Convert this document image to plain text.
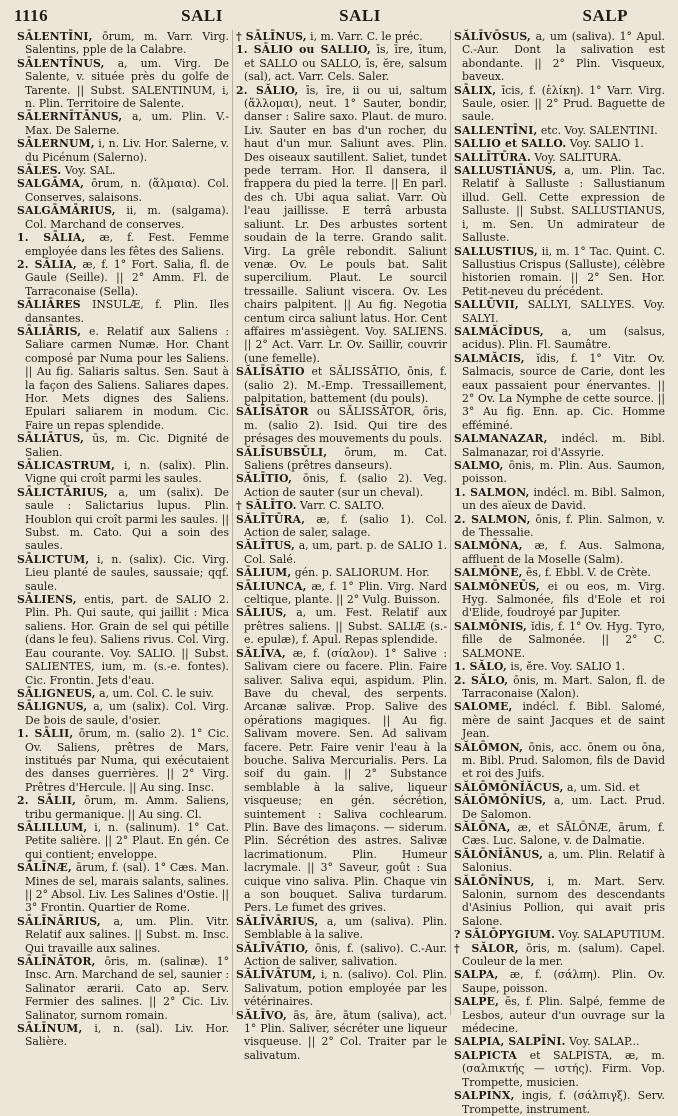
1116	SALI	SALI	SALP

SĀLENTĪNI, ōrum, m. Varr. Virg. Salentins, pple de la Calabre.

SĀLENTĪNUS, a, um. Virg. De Salente, v. située près du golfe de Tarente. || Subst. SALENTINUM, i, n. Plin. Territoire de Salente.

SĀLERNĪTĀNUS, a, um. Plin. V.-Max. De Salerne.

SĀLERNUM, i, n. Liv. Hor. Salerne, v. du Picénum (Salerno).

SĀLES. Voy. SAL.

SALGĀMA, ōrum, n. (ἅλμαια). Col. Conserves, salaisons.

SALGĀMĀRIUS, ii, m. (salgama). Col. Marchand de conserves.

1. SĀLIA, æ, f. Fest. Femme employée dans les fêtes des Saliens.

2. SĀLIA, æ, f. 1° Fort. Salia, fl. de Gaule (Seille). || 2° Amm. Fl. de Tarraconaise (Sella).

SĀLIĀRES INSULÆ, f. Plin. Iles dansantes.

SĀLIĀRIS, e. Relatif aux Saliens : Saliare carmen Numæ. Hor. Chant composé par Numa pour les Saliens. || Au fig. Saliaris saltus. Sen. Saut à la façon des Saliens. Saliares dapes. Hor. Mets dignes des Saliens. Epulari saliarem in modum. Cic. Faire un repas splendide.

SĀLIĀTUS, ūs, m. Cic. Dignité de Salien.

SĀLICASTRUM, i, n. (salix). Plin. Vigne qui croît parmi les saules.

SĀLICTĀRIUS, a, um (salix). De saule : Salictarius lupus. Plin. Houblon qui croît parmi les saules. || Subst. m. Cato. Qui a soin des saules.

SĀLICTUM, i, n. (salix). Cic. Virg. Lieu planté de saules, saussaie; qqf. saule.

SĀLIENS, entis, part. de SALIO 2. Plin. Ph. Qui saute, qui jaillit : Mica saliens. Hor. Grain de sel qui pétille (dans le feu). Saliens rivus. Col. Virg. Eau courante. Voy. SALIO. || Subst. SALIENTES, ium, m. (s.-e. fontes). Cic. Frontin. Jets d'eau.

SĀLIGNEUS, a, um. Col. C. le suiv.

SĀLIGNUS, a, um (salix). Col. Virg. De bois de saule, d'osier.

1. SĀLII, ōrum, m. (salio 2). 1° Cic. Ov. Saliens, prêtres de Mars, institués par Numa, qui exécutaient des danses guerrières. || 2° Virg. Prêtres d'Hercule. || Au sing. Insc.

2. SĀLII, ōrum, m. Amm. Saliens, tribu germanique. || Au sing. Cl.

SĀLILLUM, i, n. (salinum). 1° Cat. Petite salière. || 2° Plaut. En gén. Ce qui contient; enveloppe.

SĀLĪNÆ, ārum, f. (sal). 1° Cæs. Man. Mines de sel, marais salants, salines. || 2° Absol. Liv. Les Salines d'Ostie. || 3° Frontin. Quartier de Rome.

SĀLĪNĀRIUS, a, um. Plin. Vitr. Relatif aux salines. || Subst. m. Insc. Qui travaille aux salines.

SĀLĪNĀTOR, ōris, m. (salinæ). 1° Insc. Arn. Marchand de sel, saunier : Salinator ærarii. Cato ap. Serv. Fermier des salines. || 2° Cic. Liv. Salinator, surnom romain.

SĀLĪNUM, i, n. (sal). Liv. Hor. Salière.

† SĀLĪNUS, i, m. Varr. C. le préc.

1. SĀLIO ou SALLIO, īs, īre, ītum, et SALLO ou SALLO, īs, ĕre, salsum (sal), act. Varr. Cels. Saler.

2. SĂLIO, īs, īre, ii ou ui, saltum (ἅλλομαι), neut. 1° Sauter, bondir, danser : Salire saxo. Plaut. de muro. Liv. Sauter en bas d'un rocher, du haut d'un mur. Saliunt aves. Plin. Des oiseaux sautillent. Saliet, tundet pede terram. Hor. Il dansera, il frappera du pied la terre. || En parl. des ch. Ubi aqua saliat. Varr. Où l'eau jaillisse. E terrâ arbusta saliunt. Lr. Des arbustes sortent soudain de la terre. Grando salit. Virg. La grêle rebondit. Saliunt venæ. Ov. Le pouls bat. Salit supercilium. Plaut. Le sourcil tressaille. Saliunt viscera. Ov. Les chairs palpitent. || Au fig. Negotia centum circa saliunt latus. Hor. Cent affaires m'assiègent. Voy. SALIENS. || 2° Act. Varr. Lr. Ov. Saillir, couvrir (une femelle).

SĂLĪSĀTIO et SĂLISSĀTIO, ōnis, f. (salio 2). M.-Emp. Tressaillement, palpitation, battement (du pouls).

SĂLĪSĀTOR ou SĂLISSĀTOR, ōris, m. (salio 2). Isid. Qui tire des présages des mouvements du pouls.

SĂLĪSUBSŪLI, ōrum, m. Cat. Saliens (prêtres danseurs).

SĂLĪTIO, ōnis, f. (salio 2). Veg. Action de sauter (sur un cheval).

† SĂLĪTO. Varr. C. SALTO.

SĂLĪTŪRA, æ, f. (salio 1). Col. Action de saler, salage.

SĂLĪTUS, a, um, part. p. de SALIO 1. Col. Salé.

SĀLIUM, gén. p. SALIORUM. Hor.

SĀLIUNCA, æ, f. 1° Plin. Virg. Nard celtique, plante. || 2° Vulg. Buisson.

SĀLIUS, a, um. Fest. Relatif aux prêtres saliens. || Subst. SALIÆ (s.-e. epulæ), f. Apul. Repas splendide.

SĂLĪVA, æ, f. (σίαλον). 1° Salive : Salivam ciere ou facere. Plin. Faire saliver. Saliva equi, aspidum. Plin. Bave du cheval, des serpents. Arcanæ salivæ. Prop. Salive des opérations magiques. || Au fig. Salivam movere. Sen. Ad salivam facere. Petr. Faire venir l'eau à la bouche. Saliva Mercurialis. Pers. La soif du gain. || 2° Substance semblable à la salive, liqueur visqueuse; en gén. sécrétion, suintement : Saliva cochlearum. Plin. Bave des limaçons. — siderum. Plin. Sécrétion des astres. Salivæ lacrimationum. Plin. Humeur lacrymale. || 3° Saveur, goût : Sua cuique vino saliva. Plin. Chaque vin a son bouquet. Saliva turdarum. Pers. Le fumet des grives.

SĂLĪVĀRIUS, a, um (saliva). Plin. Semblable à la salive.

SĂLĪVĀTIO, ōnis, f. (salivo). C.-Aur. Action de saliver, salivation.

SĂLĪVĀTUM, i, n. (salivo). Col. Plin. Salivatum, potion employée par les vétérinaires.

SĂLĪVO, ās, āre, ātum (saliva), act. 1° Plin. Saliver, sécréter une liqueur visqueuse. || 2° Col. Traiter par le salivatum.

SĂLĪVŌSUS, a, um (saliva). 1° Apul. C.-Aur. Dont la salivation est abondante. || 2° Plin. Visqueux, baveux.

SĀLIX, īcis, f. (ἑλίκη). 1° Varr. Virg. Saule, osier. || 2° Prud. Baguette de saule.

SALLENTĪNI, etc. Voy. SALENTINI.

SALLIO et SALLO. Voy. SALIO 1.

SALLĪTŪRA. Voy. SALITURA.

SALLUSTIĀNUS, a, um. Plin. Tac. Relatif à Salluste : Sallustianum illud. Gell. Cette expression de Salluste. || Subst. SALLUSTIANUS, i, m. Sen. Un admirateur de Salluste.

SALLUSTIUS, ii, m. 1° Tac. Quint. C. Sallustius Crispus (Salluste), célèbre historien romain. || 2° Sen. Hor. Petit-neveu du précédent.

SALLŪVII, SALLYI, SALLYES. Voy. SALYI.

SALMĂCĬDUS, a, um (salsus, acidus). Plin. Fl. Saumâtre.

SALMĂCIS, ĭdis, f. 1° Vitr. Ov. Salmacis, source de Carie, dont les eaux passaient pour énervantes. || 2° Ov. La Nymphe de cette source. || 3° Au fig. Enn. ap. Cic. Homme efféminé.

SALMANAZAR, indécl. m. Bibl. Salmanazar, roi d'Assyrie.

SALMO, ōnis, m. Plin. Aus. Saumon, poisson.

1. SALMON, indécl. m. Bibl. Salmon, un des aïeux de David.

2. SALMON, ōnis, f. Plin. Salmon, v. de Thessalie.

SALMŌNA, æ, f. Aus. Salmona, affluent de la Moselle (Salm).

SALMŌNE, ēs, f. Ebbl. V. de Crète.

SALMŌNEŪS, ei ou eos, m. Virg. Hyg. Salmonée, fils d'Eole et roi d'Elide, foudroyé par Jupiter.

SALMŌNIS, ĭdis, f. 1° Ov. Hyg. Tyro, fille de Salmonée. || 2° C. SALMONE.

1. SĂLO, is, ĕre. Voy. SALIO 1.

2. SĂLO, ōnis, m. Mart. Salon, fl. de Tarraconaise (Xalon).

SALOME, indécl. f. Bibl. Salomé, mère de saint Jacques et de saint Jean.

SĂLŌMON, ōnis, acc. ōnem ou ōna, m. Bibl. Prud. Salomon, fils de David et roi des Juifs.

SĂLŌMŌNĬĂCUS, a, um. Sid. et

SĂLŌMŌNĬUS, a, um. Lact. Prud. De Salomon.

SĂLŌNA, æ, et SĂLŌNÆ, ārum, f. Cæs. Luc. Salone, v. de Dalmatie.

SĂLŌNĬĀNUS, a, um. Plin. Relatif à Salonius.

SĂLŌNĪNUS, i, m. Mart. Serv. Salonin, surnom des descendants d'Asinius Pollion, qui avait pris Salone.

? SĂLŌPYGIUM. Voy. SALAPUTIUM.

† SĂLOR, ōris, m. (salum). Capel. Couleur de la mer.

SALPA, æ, f. (σάλπη). Plin. Ov. Saupe, poisson.

SALPE, ēs, f. Plin. Salpé, femme de Lesbos, auteur d'un ouvrage sur la médecine.

SALPIA, SALPĪNI. Voy. SALAP...

SALPICTA et SALPISTA, æ, m. (σαλπικτής — ιστής). Firm. Vop. Trompette, musicien.

SALPINX, ingis, f. (σάλπιγξ). Serv. Trompette, instrument.
